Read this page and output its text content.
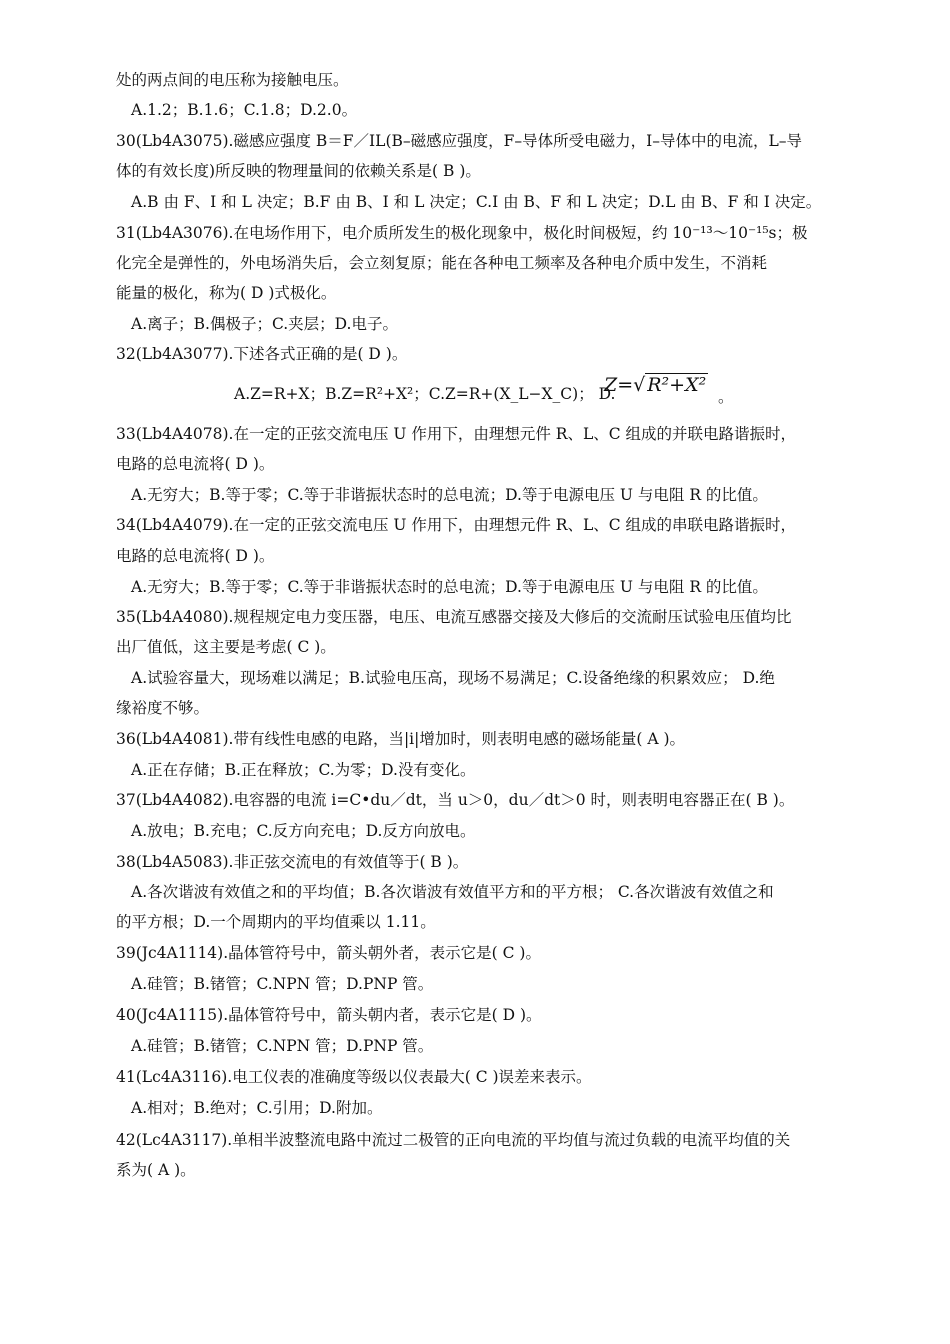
处的两点间的电压称为接触电压。
A.1.2；B.1.6；C.1.8；D.2.0。
30(Lb4A3075).磁感应强度 B＝F／IL(B–磁感应强度，F–导体所受电磁力，I–导体中的电流，L–导
体的有效长度)所反映的物理量间的依赖关系是( B )。
A.B 由 F、I 和 L 决定；B.F 由 B、I 和 L 决定；C.I 由 B、F 和 L 决定；D.L 由 B、F 和 I 决定。
31(Lb4A3076).在电场作用下，电介质所发生的极化现象中，极化时间极短，约 10⁻¹³～10⁻¹⁵s；极
化完全是弹性的，外电场消失后，会立刻复原；能在各种电工频率及各种电介质中发生，不消耗
能量的极化，称为( D )式极化。
A.离子；B.偶极子；C.夹层；D.电子。
32(Lb4A3077).下述各式正确的是( D )。
A.Z=R+X；B.Z=R²+X²；C.Z=R+(X_L−X_C)； D.
Z=√ R²+X²
。
33(Lb4A4078).在一定的正弦交流电压 U 作用下，由理想元件 R、L、C 组成的并联电路谐振时，
电路的总电流将( D )。
A.无穷大；B.等于零；C.等于非谐振状态时的总电流；D.等于电源电压 U 与电阻 R 的比值。
34(Lb4A4079).在一定的正弦交流电压 U 作用下，由理想元件 R、L、C 组成的串联电路谐振时，
电路的总电流将( D )。
A.无穷大；B.等于零；C.等于非谐振状态时的总电流；D.等于电源电压 U 与电阻 R 的比值。
35(Lb4A4080).规程规定电力变压器，电压、电流互感器交接及大修后的交流耐压试验电压值均比
出厂值低，这主要是考虑( C )。
A.试验容量大，现场难以满足；B.试验电压高，现场不易满足；C.设备绝缘的积累效应； D.绝
缘裕度不够。
36(Lb4A4081).带有线性电感的电路，当|i|增加时，则表明电感的磁场能量( A )。
A.正在存储；B.正在释放；C.为零；D.没有变化。
37(Lb4A4082).电容器的电流 i=C•du／dt，当 u＞0，du／dt＞0 时，则表明电容器正在( B )。
A.放电；B.充电；C.反方向充电；D.反方向放电。
38(Lb4A5083).非正弦交流电的有效值等于( B )。
A.各次谐波有效值之和的平均值；B.各次谐波有效值平方和的平方根； C.各次谐波有效值之和
的平方根；D.一个周期内的平均值乘以 1.11。
39(Jc4A1114).晶体管符号中，箭头朝外者，表示它是( C )。
A.硅管；B.锗管；C.NPN 管；D.PNP 管。
40(Jc4A1115).晶体管符号中，箭头朝内者，表示它是( D )。
A.硅管；B.锗管；C.NPN 管；D.PNP 管。
41(Lc4A3116).电工仪表的准确度等级以仪表最大( C )误差来表示。
A.相对；B.绝对；C.引用；D.附加。
42(Lc4A3117).单相半波整流电路中流过二极管的正向电流的平均值与流过负载的电流平均值的关
系为( A )。
